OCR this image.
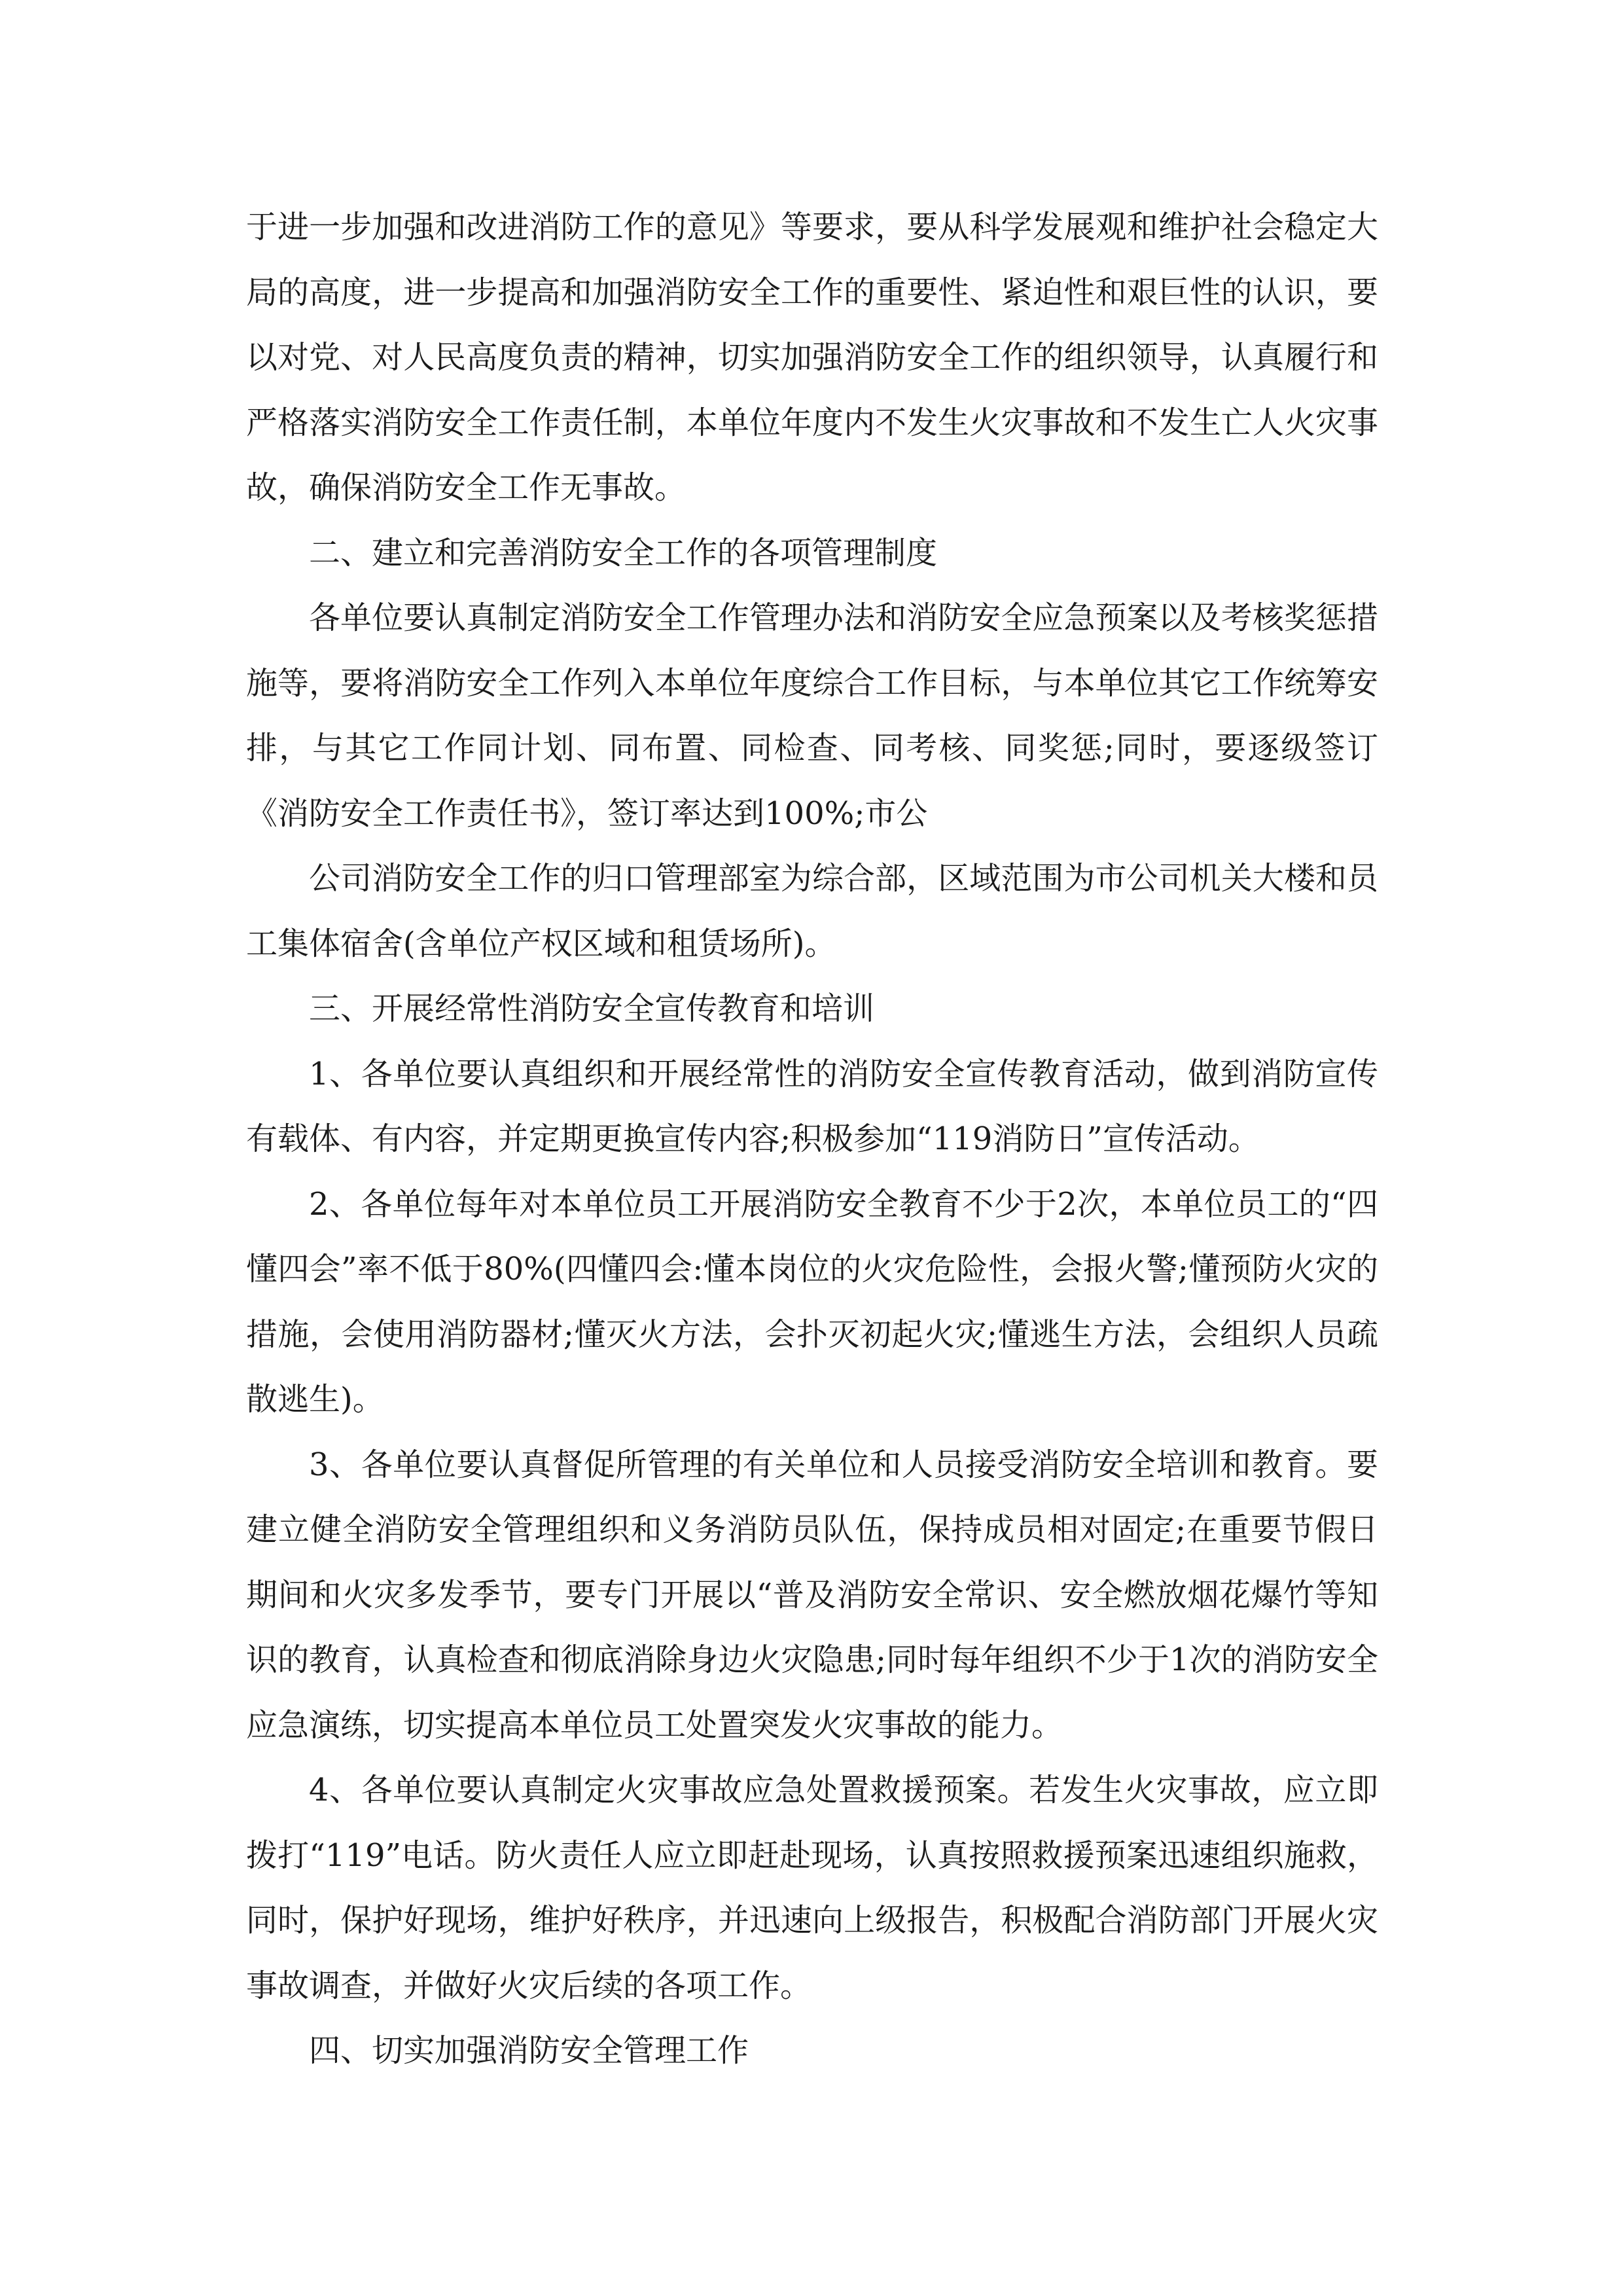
于进一步加强和改进消防工作的意见》等要求，要从科学发展观和维护社会稳定大局的高度，进一步提高和加强消防安全工作的重要性、紧迫性和艰巨性的认识，要以对党、对人民高度负责的精神，切实加强消防安全工作的组织领导，认真履行和严格落实消防安全工作责任制，本单位年度内不发生火灾事故和不发生亡人火灾事故，确保消防安全工作无事故。

二、建立和完善消防安全工作的各项管理制度

各单位要认真制定消防安全工作管理办法和消防安全应急预案以及考核奖惩措施等，要将消防安全工作列入本单位年度综合工作目标，与本单位其它工作统筹安排，与其它工作同计划、同布置、同检查、同考核、同奖惩;同时，要逐级签订《消防安全工作责任书》，签订率达到100%;市公

公司消防安全工作的归口管理部室为综合部，区域范围为市公司机关大楼和员工集体宿舍(含单位产权区域和租赁场所)。

三、开展经常性消防安全宣传教育和培训

1、各单位要认真组织和开展经常性的消防安全宣传教育活动，做到消防宣传有载体、有内容，并定期更换宣传内容;积极参加“119消防日”宣传活动。

2、各单位每年对本单位员工开展消防安全教育不少于2次，本单位员工的“四懂四会”率不低于80%(四懂四会:懂本岗位的火灾危险性，会报火警;懂预防火灾的措施，会使用消防器材;懂灭火方法，会扑灭初起火灾;懂逃生方法，会组织人员疏散逃生)。

3、各单位要认真督促所管理的有关单位和人员接受消防安全培训和教育。要建立健全消防安全管理组织和义务消防员队伍，保持成员相对固定;在重要节假日期间和火灾多发季节，要专门开展以“普及消防安全常识、安全燃放烟花爆竹等知识的教育，认真检查和彻底消除身边火灾隐患;同时每年组织不少于1次的消防安全应急演练，切实提高本单位员工处置突发火灾事故的能力。

4、各单位要认真制定火灾事故应急处置救援预案。若发生火灾事故，应立即拨打“119”电话。防火责任人应立即赶赴现场，认真按照救援预案迅速组织施救，同时，保护好现场，维护好秩序，并迅速向上级报告，积极配合消防部门开展火灾事故调查，并做好火灾后续的各项工作。

四、切实加强消防安全管理工作
